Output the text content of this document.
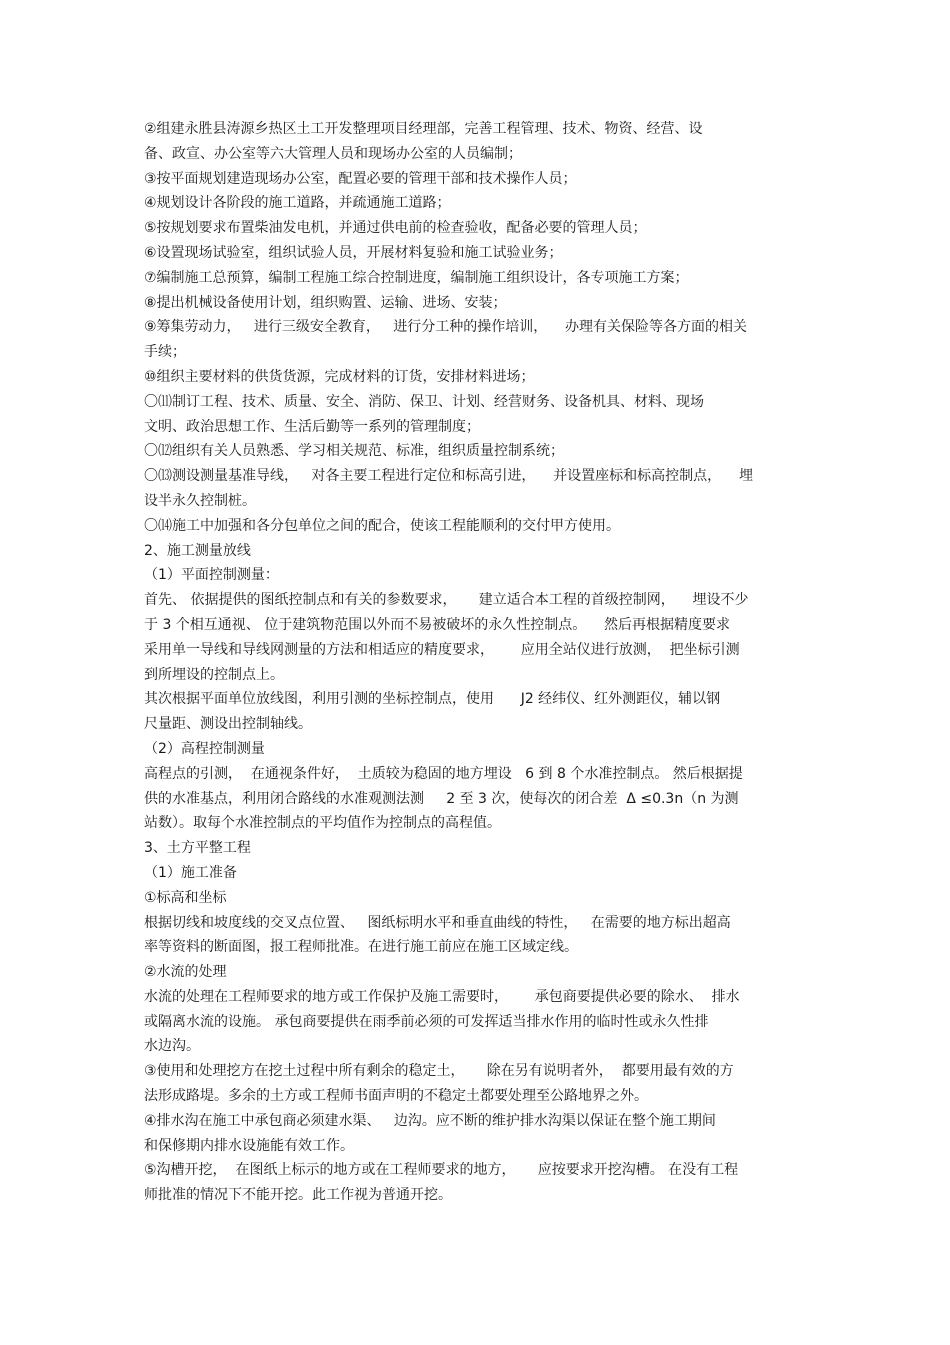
②组建永胜县涛源乡热区土工开发整理项目经理部，完善工程管理、技术、物资、经营、设
备、政宣、办公室等六大管理人员和现场办公室的人员编制；
③按平面规划建造现场办公室，配置必要的管理干部和技术操作人员；
④规划设计各阶段的施工道路，并疏通施工道路；
⑤按规划要求布置柴油发电机，并通过供电前的检查验收，配备必要的管理人员；
⑥设置现场试验室，组织试验人员，开展材料复验和施工试验业务；
⑦编制施工总预算，编制工程施工综合控制进度，编制施工组织设计，各专项施工方案；
⑧提出机械设备使用计划，组织购置、运输、进场、安装；
⑨筹集劳动力，   进行三级安全教育，   进行分工种的操作培训，    办理有关保险等各方面的相关
手续；
⑩组织主要材料的供货货源，完成材料的订货，安排材料进场；
〇⑾制订工程、技术、质量、安全、消防、保卫、计划、经营财务、设备机具、材料、现场
文明、政治思想工作、生活后勤等一系列的管理制度；
〇⑿组织有关人员熟悉、学习相关规范、标准，组织质量控制系统；
〇⒀测设测量基准导线，   对各主要工程进行定位和标高引进，    并设置座标和标高控制点，    埋
设半永久控制桩。
〇⒁施工中加强和各分包单位之间的配合，使该工程能顺利的交付甲方使用。
2、施工测量放线
（1）平面控制测量：
首先、 依据提供的图纸控制点和有关的参数要求，     建立适合本工程的首级控制网，    埋设不少
于 3 个相互通视、 位于建筑物范围以外而不易被破坏的永久性控制点。    然后再根据精度要求
采用单一导线和导线网测量的方法和相适应的精度要求，      应用全站仪进行放测，  把坐标引测
到所埋设的控制点上。
其次根据平面单位放线图，利用引测的坐标控制点，使用      J2 经纬仪、红外测距仪，辅以钢
尺量距、测设出控制轴线。
（2）高程控制测量
高程点的引测，  在通视条件好，  土质较为稳固的地方埋设   6 到 8 个水准控制点。 然后根据提
供的水准基点，利用闭合路线的水准观测法测     2 至 3 次，使每次的闭合差  Δ ≤0.3n（n 为测
站数）。取每个水准控制点的平均值作为控制点的高程值。
3、土方平整工程
（1）施工准备
①标高和坐标
根据切线和坡度线的交叉点位置、   图纸标明水平和垂直曲线的特性，   在需要的地方标出超高
率等资料的断面图，报工程师批准。在进行施工前应在施工区域定线。
②水流的处理
水流的处理在工程师要求的地方或工作保护及施工需要时，      承包商要提供必要的除水、  排水
或隔离水流的设施。 承包商要提供在雨季前必须的可发挥适当排水作用的临时性或永久性排
水边沟。
③使用和处理挖方在挖土过程中所有剩余的稳定土，     除在另有说明者外，  都要用最有效的方
法形成路堤。多余的土方或工程师书面声明的不稳定土都要处理至公路地界之外。
④排水沟在施工中承包商必须建水渠、   边沟。应不断的维护排水沟渠以保证在整个施工期间
和保修期内排水设施能有效工作。
⑤沟槽开挖，  在图纸上标示的地方或在工程师要求的地方，     应按要求开挖沟槽。 在没有工程
师批准的情况下不能开挖。此工作视为普通开挖。
